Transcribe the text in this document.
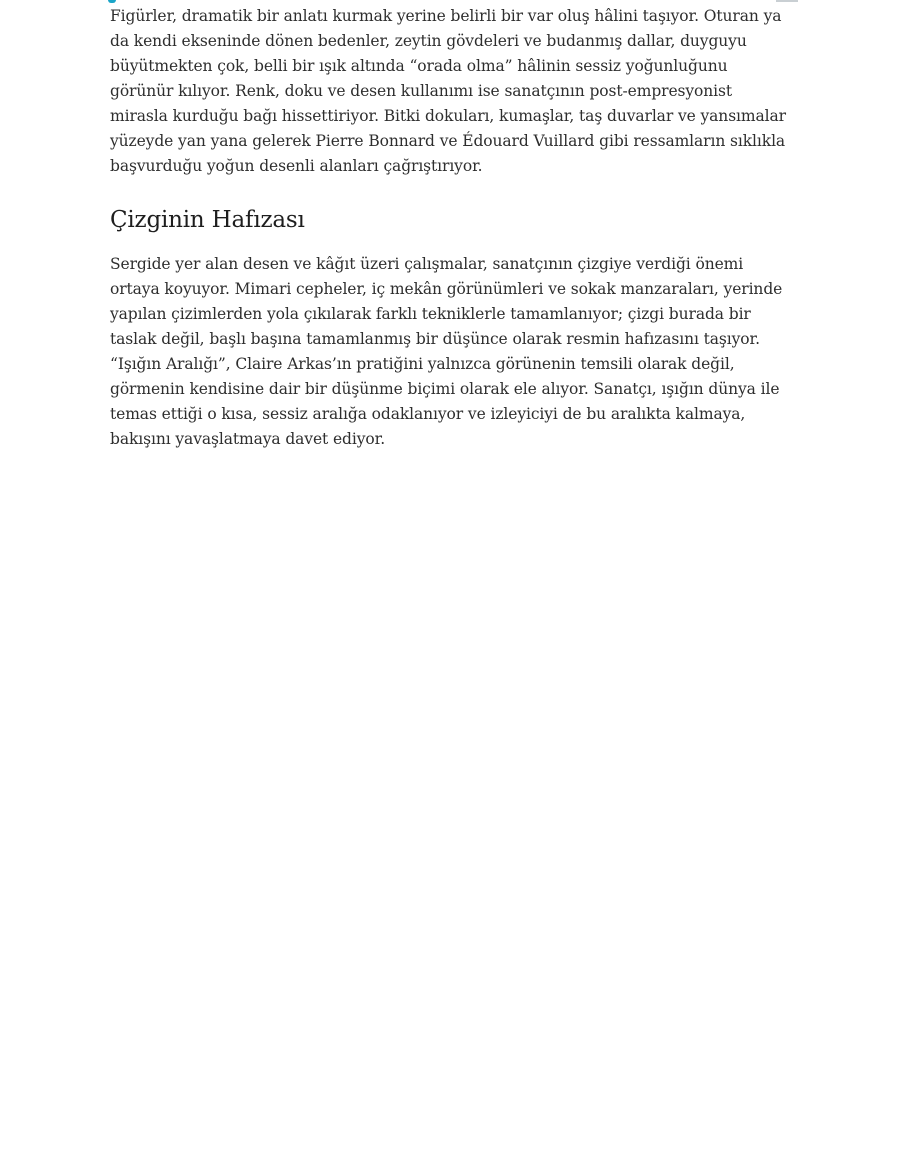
Figürler, dramatik bir anlatı kurmak yerine belirli bir var oluş hâlini taşıyor. Oturan ya da kendi ekseninde dönen bedenler, zeytin gövdeleri ve budanmış dallar, duyguyu büyütmekten çok, belli bir ışık altında “orada olma” hâlinin sessiz yoğunluğunu görünür kılıyor. Renk, doku ve desen kullanımı ise sanatçının post-empresyonist mirasla kurduğu bağı hissettiriyor. Bitki dokuları, kumaşlar, taş duvarlar ve yansımalar yüzeyde yan yana gelerek Pierre Bonnard ve Édouard Vuillard gibi ressamların sıklıkla başvurduğu yoğun desenli alanları çağrıştırıyor.

Çizginin Hafızası

Sergide yer alan desen ve kâğıt üzeri çalışmalar, sanatçının çizgiye verdiği önemi ortaya koyuyor. Mimari cepheler, iç mekân görünümleri ve sokak manzaraları, yerinde yapılan çizimlerden yola çıkılarak farklı tekniklerle tamamlanıyor; çizgi burada bir taslak değil, başlı başına tamamlanmış bir düşünce olarak resmin hafızasını taşıyor. “Işığın Aralığı”, Claire Arkas’ın pratiğini yalnızca görünenin temsili olarak değil, görmenin kendisine dair bir düşünme biçimi olarak ele alıyor. Sanatçı, ışığın dünya ile temas ettiği o kısa, sessiz aralığa odaklanıyor ve izleyiciyi de bu aralıkta kalmaya, bakışını yavaşlatmaya davet ediyor.
